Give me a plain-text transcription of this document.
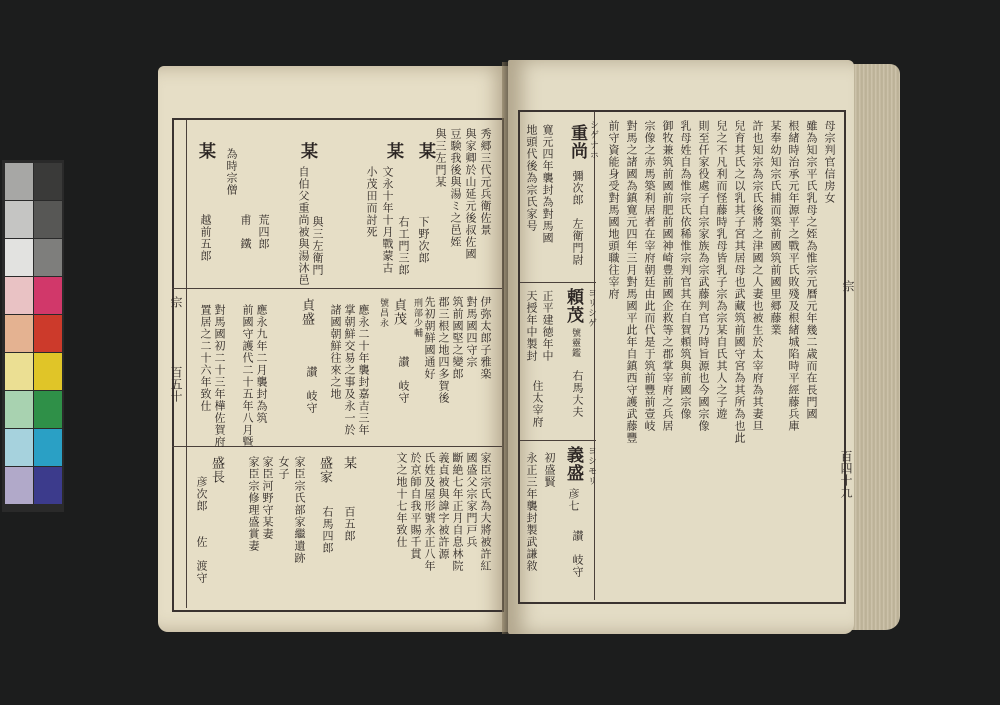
秀郷三代元兵衛佐景
與家卿於山延元後叔佐國
豆験我後與湯ミ之邑姪
與三左門某
某
下野次郎
某
文永十年十月戰蒙古
小茂田而討死
右工門三郎
某
自伯父重尚被與湯沐邑 與三左衛門
某 為時宗僧
荒四郎
甫　鐵
越前五郎
伊弥太郎子雅楽
對馬國四守宗
筑前國堅之變郎
郡三根之地四多賀後
先初朝鮮國通好
貞茂
號昌永	刑部少輔
讃　岐守
應永二十年襲封嘉吉三年
掌朝鮮交易之事及永一於
諸國朝鮮往來之地
貞盛
應永九年二月襲封為筑
前國守護代二十五年八月曁
對馬國初二十三年樺佐賀府
置居之二十六年致仕	讃　岐守
家臣宗氏為大將被許紅
國盛父宗家門戸兵
斷絶七年正月自息林院
義貞被與諱字被許源
氏姓及屋形號永正八年
於京師自我平賜千貫
文之地十七年致仕
盛家 某
百五郎
右馬四郎
女子 家臣宗氏部家繼遺跡
家臣河野守某妻
家臣宗修理盛賞妻
盛長
彦次郎
佐　渡守
百五十
宗
重尚 シゲナホ
彌次郎　左衛門尉
寛元四年襲封為對馬國
地頭代後為宗氏家号
頼茂 ヨリシゲ
號靈鑑
正平建徳年中
天授年中製封
住太宰府 右馬大夫
義盛 ヨシモリ
彦七
初盛賢
永正三年襲封製武謙敘	讃　岐守
母宗判官信房女
雖為知宗平氏乳母之姪為惟宗元曆元年幾二歳而在長門國
根緒時治承元年源平之戰平氏敗殘及根緒城陷時平經藤兵庫
某奉幼知宗氏捕而築前國筑前國里郷藤業
許也知宗為宗氏後將之津國之人妻也被生於太宰府為其妻旦
兒育其氏之以乳其子宮其居母也武藏筑前國守宮為其所為也此
兒之不凡利而怪藤時乳母皆乳子宗為宗某自氏其人之子遊
則至仟家役處子自宗家族為宗武藤判官乃時旨源也今國宗像
乳母姓自為惟宗氏依稀惟宗判官其在自賀頼筑與前國宗像
御牧兼筑前國前肥前國神崎豊前國企救等之郡掌宰府之兵居
宗像之赤馬築利居者在宰府朝廷由此而代是于筑前豐前壹岐
對馬之諸國為鎮寛元四年三月對馬國平此年自鎮西守護武藤豐
前守資能身受對馬國地頭職往宰府
百四十九
宗
